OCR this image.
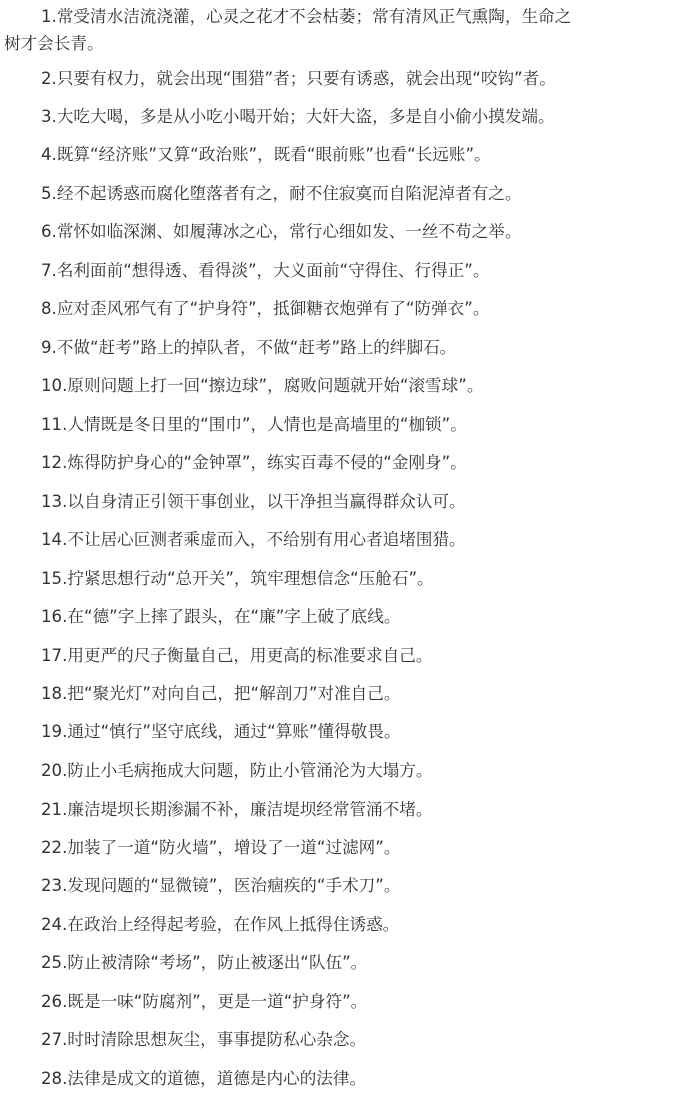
1.常受清水洁流浇灌，心灵之花才不会枯萎；常有清风正气熏陶，生命之
树才会长青。
2.只要有权力，就会出现“围猎”者；只要有诱惑，就会出现“咬钩”者。
3.大吃大喝，多是从小吃小喝开始；大奸大盗，多是自小偷小摸发端。
4.既算“经济账”又算“政治账”，既看“眼前账”也看“长远账”。
5.经不起诱惑而腐化堕落者有之，耐不住寂寞而自陷泥淖者有之。
6.常怀如临深渊、如履薄冰之心，常行心细如发、一丝不苟之举。
7.名利面前“想得透、看得淡”，大义面前“守得住、行得正”。
8.应对歪风邪气有了“护身符”，抵御糖衣炮弹有了“防弹衣”。
9.不做“赶考”路上的掉队者，不做“赶考”路上的绊脚石。
10.原则问题上打一回“擦边球”，腐败问题就开始“滚雪球”。
11.人情既是冬日里的“围巾”，人情也是高墙里的“枷锁”。
12.炼得防护身心的“金钟罩”，练实百毒不侵的“金刚身”。
13.以自身清正引领干事创业，以干净担当赢得群众认可。
14.不让居心叵测者乘虚而入，不给别有用心者追堵围猎。
15.拧紧思想行动“总开关”，筑牢理想信念“压舱石”。
16.在“德”字上摔了跟头，在“廉”字上破了底线。
17.用更严的尺子衡量自己，用更高的标准要求自己。
18.把“聚光灯”对向自己，把“解剖刀”对准自己。
19.通过“慎行”坚守底线，通过“算账”懂得敬畏。
20.防止小毛病拖成大问题，防止小管涌沦为大塌方。
21.廉洁堤坝长期渗漏不补，廉洁堤坝经常管涌不堵。
22.加装了一道“防火墙”，增设了一道“过滤网”。
23.发现问题的“显微镜”，医治痼疾的“手术刀”。
24.在政治上经得起考验，在作风上抵得住诱惑。
25.防止被清除“考场”，防止被逐出“队伍”。
26.既是一味“防腐剂”，更是一道“护身符”。
27.时时清除思想灰尘，事事提防私心杂念。
28.法律是成文的道德，道德是内心的法律。
